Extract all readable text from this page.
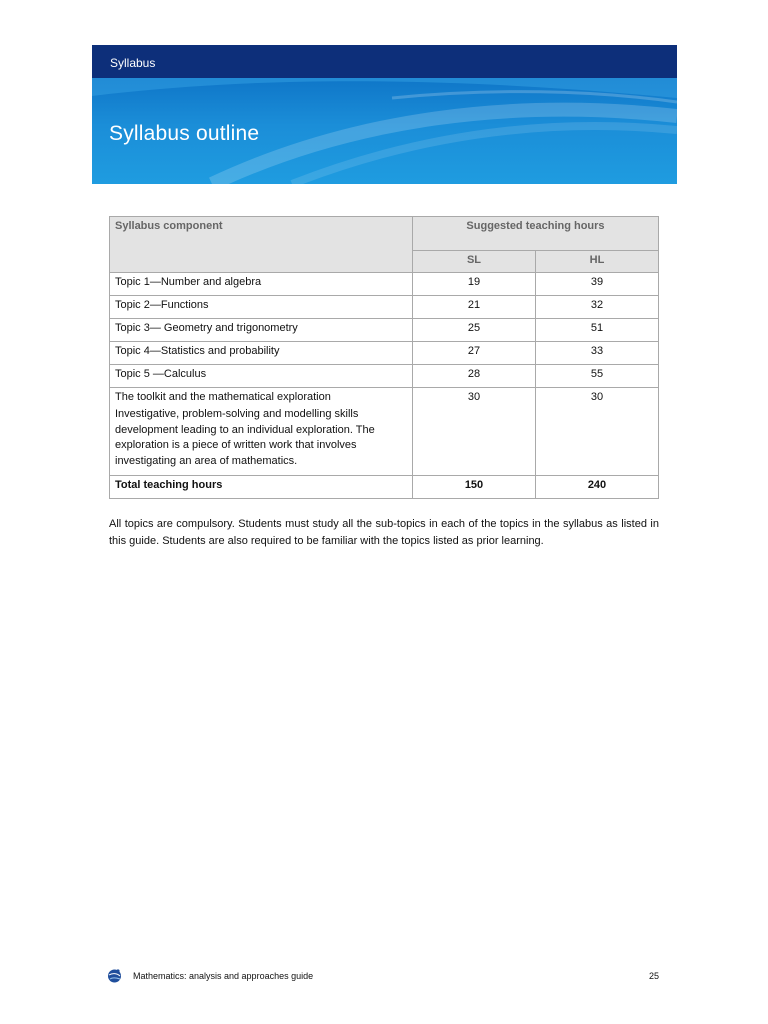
Syllabus
Syllabus outline
Syllabus component	Suggested teaching hours	
	SL	HL
Topic 1—Number and algebra	19	39
Topic 2—Functions	21	32
Topic 3— Geometry and trigonometry	25	51
Topic 4—Statistics and probability	27	33
Topic 5 —Calculus	28	55

The toolkit and the mathematical exploration
Investigative, problem-solving and modelling skills development leading to an individual exploration. The exploration is a piece of written work that involves investigating an area of mathematics.	30	30
Total teaching hours	150	240

All topics are compulsory. Students must study all the sub-topics in each of the topics in the syllabus as listed in this guide. Students are also required to be familiar with the topics listed as prior learning.

Mathematics: analysis and approaches guide	25
